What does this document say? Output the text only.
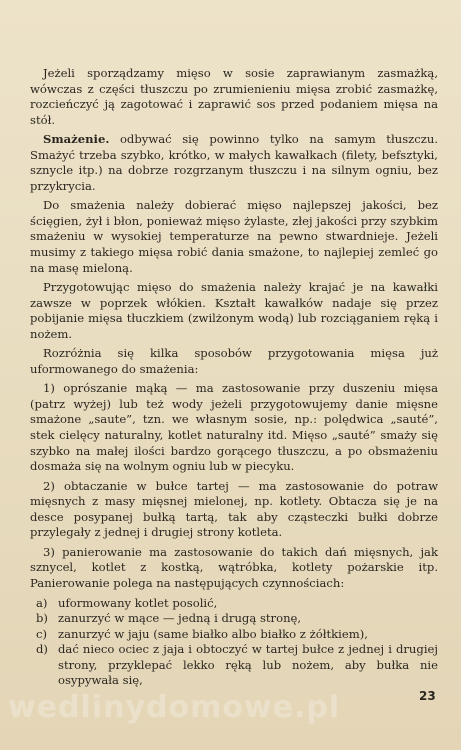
Jeżeli sporządzamy mięso w sosie zaprawianym zasmażką, wówczas z części tłuszczu po zrumienieniu mięsa zrobić zasmażkę, rozcieńczyć ją zagotować i zaprawić sos przed podaniem mięsa na stół.

Smażenie. odbywać się powinno tylko na samym tłuszczu. Smażyć trzeba szybko, krótko, w małych kawałkach (filety, befsztyki, sznycle itp.) na dobrze rozgrzanym tłuszczu i na silnym ogniu, bez przykrycia.

Do smażenia należy dobierać mięso najlepszej jakości, bez ścięgien, żył i błon, ponieważ mięso żylaste, złej jakości przy szybkim smażeniu w wysokiej temperaturze na pewno stwardnieje. Jeżeli musimy z takiego mięsa robić dania smażone, to najlepiej zemleć go na masę mieloną.

Przygotowując mięso do smażenia należy krajać je na kawałki zawsze w poprzek włókien. Kształt kawałków nadaje się przez pobijanie mięsa tłuczkiem (zwilżonym wodą) lub rozciąganiem ręką i nożem.

Rozróżnia się kilka sposobów przygotowania mięsa już uformowanego do smażenia:

1) oprószanie mąką — ma zastosowanie przy duszeniu mięsa (patrz wyżej) lub też wody jeżeli przygotowujemy danie mięsne smażone „saute”, tzn. we własnym sosie, np.: polędwica „sauté”, stek cielęcy naturalny, kotlet naturalny itd. Mięso „sauté” smaży się szybko na małej ilości bardzo gorącego tłuszczu, a po obsmażeniu dosmaża się na wolnym ogniu lub w piecyku.

2) obtaczanie w bułce tartej — ma zastosowanie do potraw mięsnych z masy mięsnej mielonej, np. kotlety. Obtacza się je na desce posypanej bułką tartą, tak aby cząsteczki bułki dobrze przylegały z jednej i drugiej strony kotleta.

3) panierowanie ma zastosowanie do takich dań mięsnych, jak sznycel, kotlet z kostką, wątróbka, kotlety pożarskie itp. Panierowanie polega na następujących czynnościach:

a) uformowany kotlet posolić,
b) zanurzyć w mące — jedną i drugą stronę,
c) zanurzyć w jaju (same białko albo białko z żółtkiem),
d) dać nieco ociec z jaja i obtoczyć w tartej bułce z jednej i drugiej strony, przyklepać lekko ręką lub nożem, aby bułka nie osypywała się,
wedlinydomowe.pl	23
